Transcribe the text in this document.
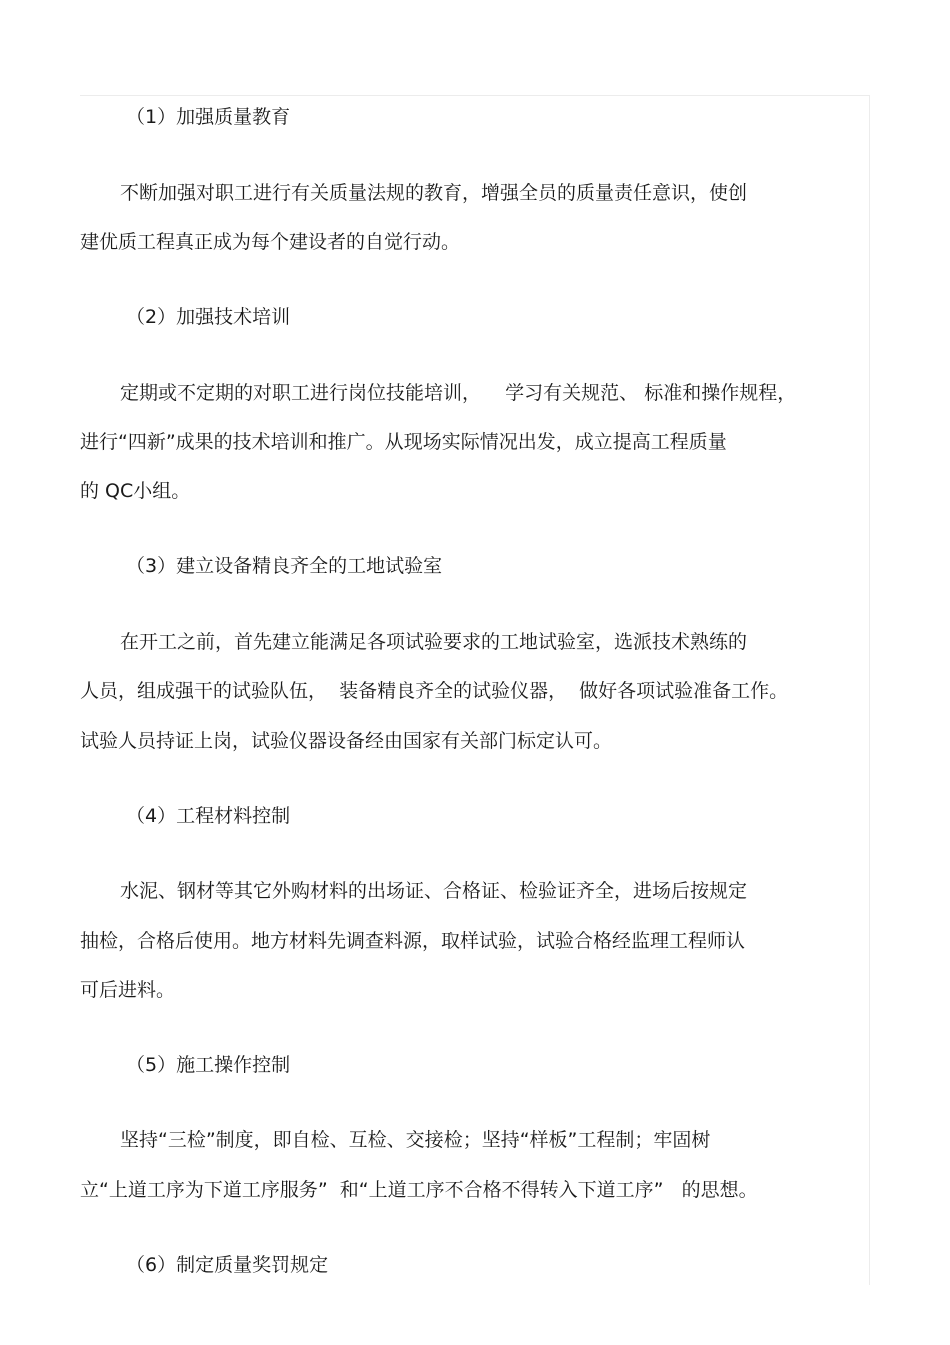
（1）加强质量教育

不断加强对职工进行有关质量法规的教育，增强全员的质量责任意识，使创

建优质工程真正成为每个建设者的自觉行动。

（2）加强技术培训

定期或不定期的对职工进行岗位技能培训，    学习有关规范、 标准和操作规程，

进行“四新”成果的技术培训和推广。从现场实际情况出发，成立提高工程质量

的 QC小组。

（3）建立设备精良齐全的工地试验室

在开工之前，首先建立能满足各项试验要求的工地试验室，选派技术熟练的

人员，组成强干的试验队伍，  装备精良齐全的试验仪器，  做好各项试验准备工作。

试验人员持证上岗，试验仪器设备经由国家有关部门标定认可。

（4）工程材料控制

水泥、钢材等其它外购材料的出场证、合格证、检验证齐全，进场后按规定

抽检，合格后使用。地方材料先调查料源，取样试验，试验合格经监理工程师认

可后进料。

（5）施工操作控制

坚持“三检”制度，即自检、互检、交接检；坚持“样板”工程制；牢固树

立“上道工序为下道工序服务”  和“上道工序不合格不得转入下道工序”   的思想。

（6）制定质量奖罚规定
